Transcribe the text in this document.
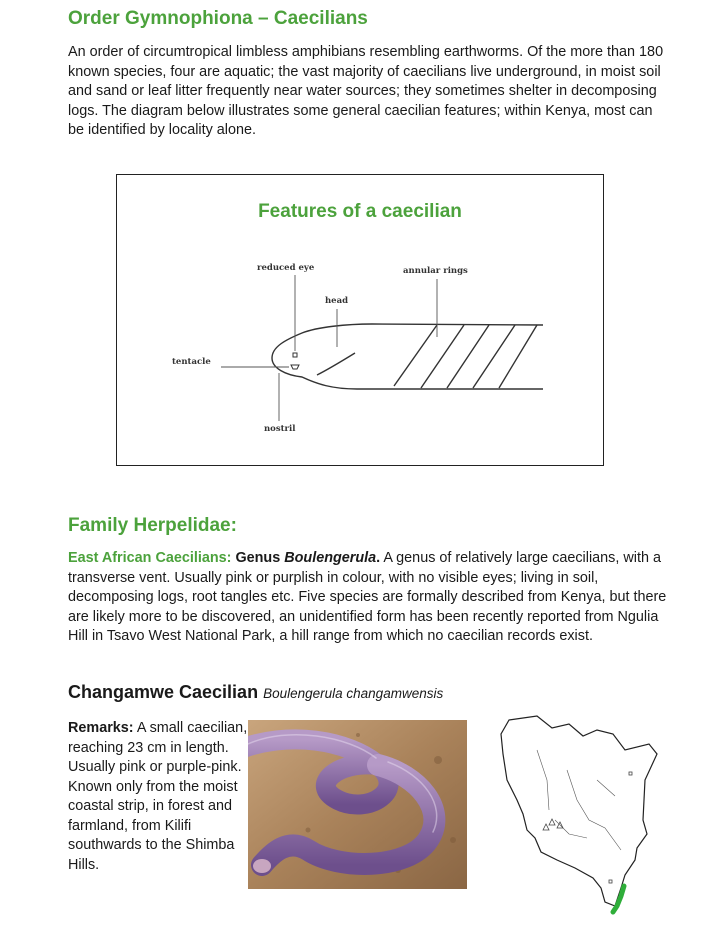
Order Gymnophiona – Caecilians

An order of circumtropical limbless amphibians resembling earthworms. Of the more than 180 known species, four are aquatic; the vast majority of caecilians live underground, in moist soil and sand or leaf litter frequently near water sources; they sometimes shelter in decomposing logs. The diagram below illustrates some general caecilian features; within Kenya, most can be identified by locality alone.

Features of a caecilian
reduced eye	annular rings
head
tentacle
nostril
Family Herpelidae:

East African Caecilians: Genus Boulengerula. A genus of relatively large caecilians, with a transverse vent. Usually pink or purplish in colour, with no visible eyes; living in soil, decomposing logs, root tangles etc. Five species are formally described from Kenya, but there are likely more to be discovered, an unidentified form has been recently reported from Ngulia Hill in Tsavo West National Park, a hill range from which no caecilian records exist.

Changamwe Caecilian Boulengerula changamwensis

Remarks: A small caecilian, reaching 23 cm in length. Usually pink or purple-pink. Known only from the moist coastal strip, in forest and farmland, from Kilifi southwards to the Shimba Hills.
